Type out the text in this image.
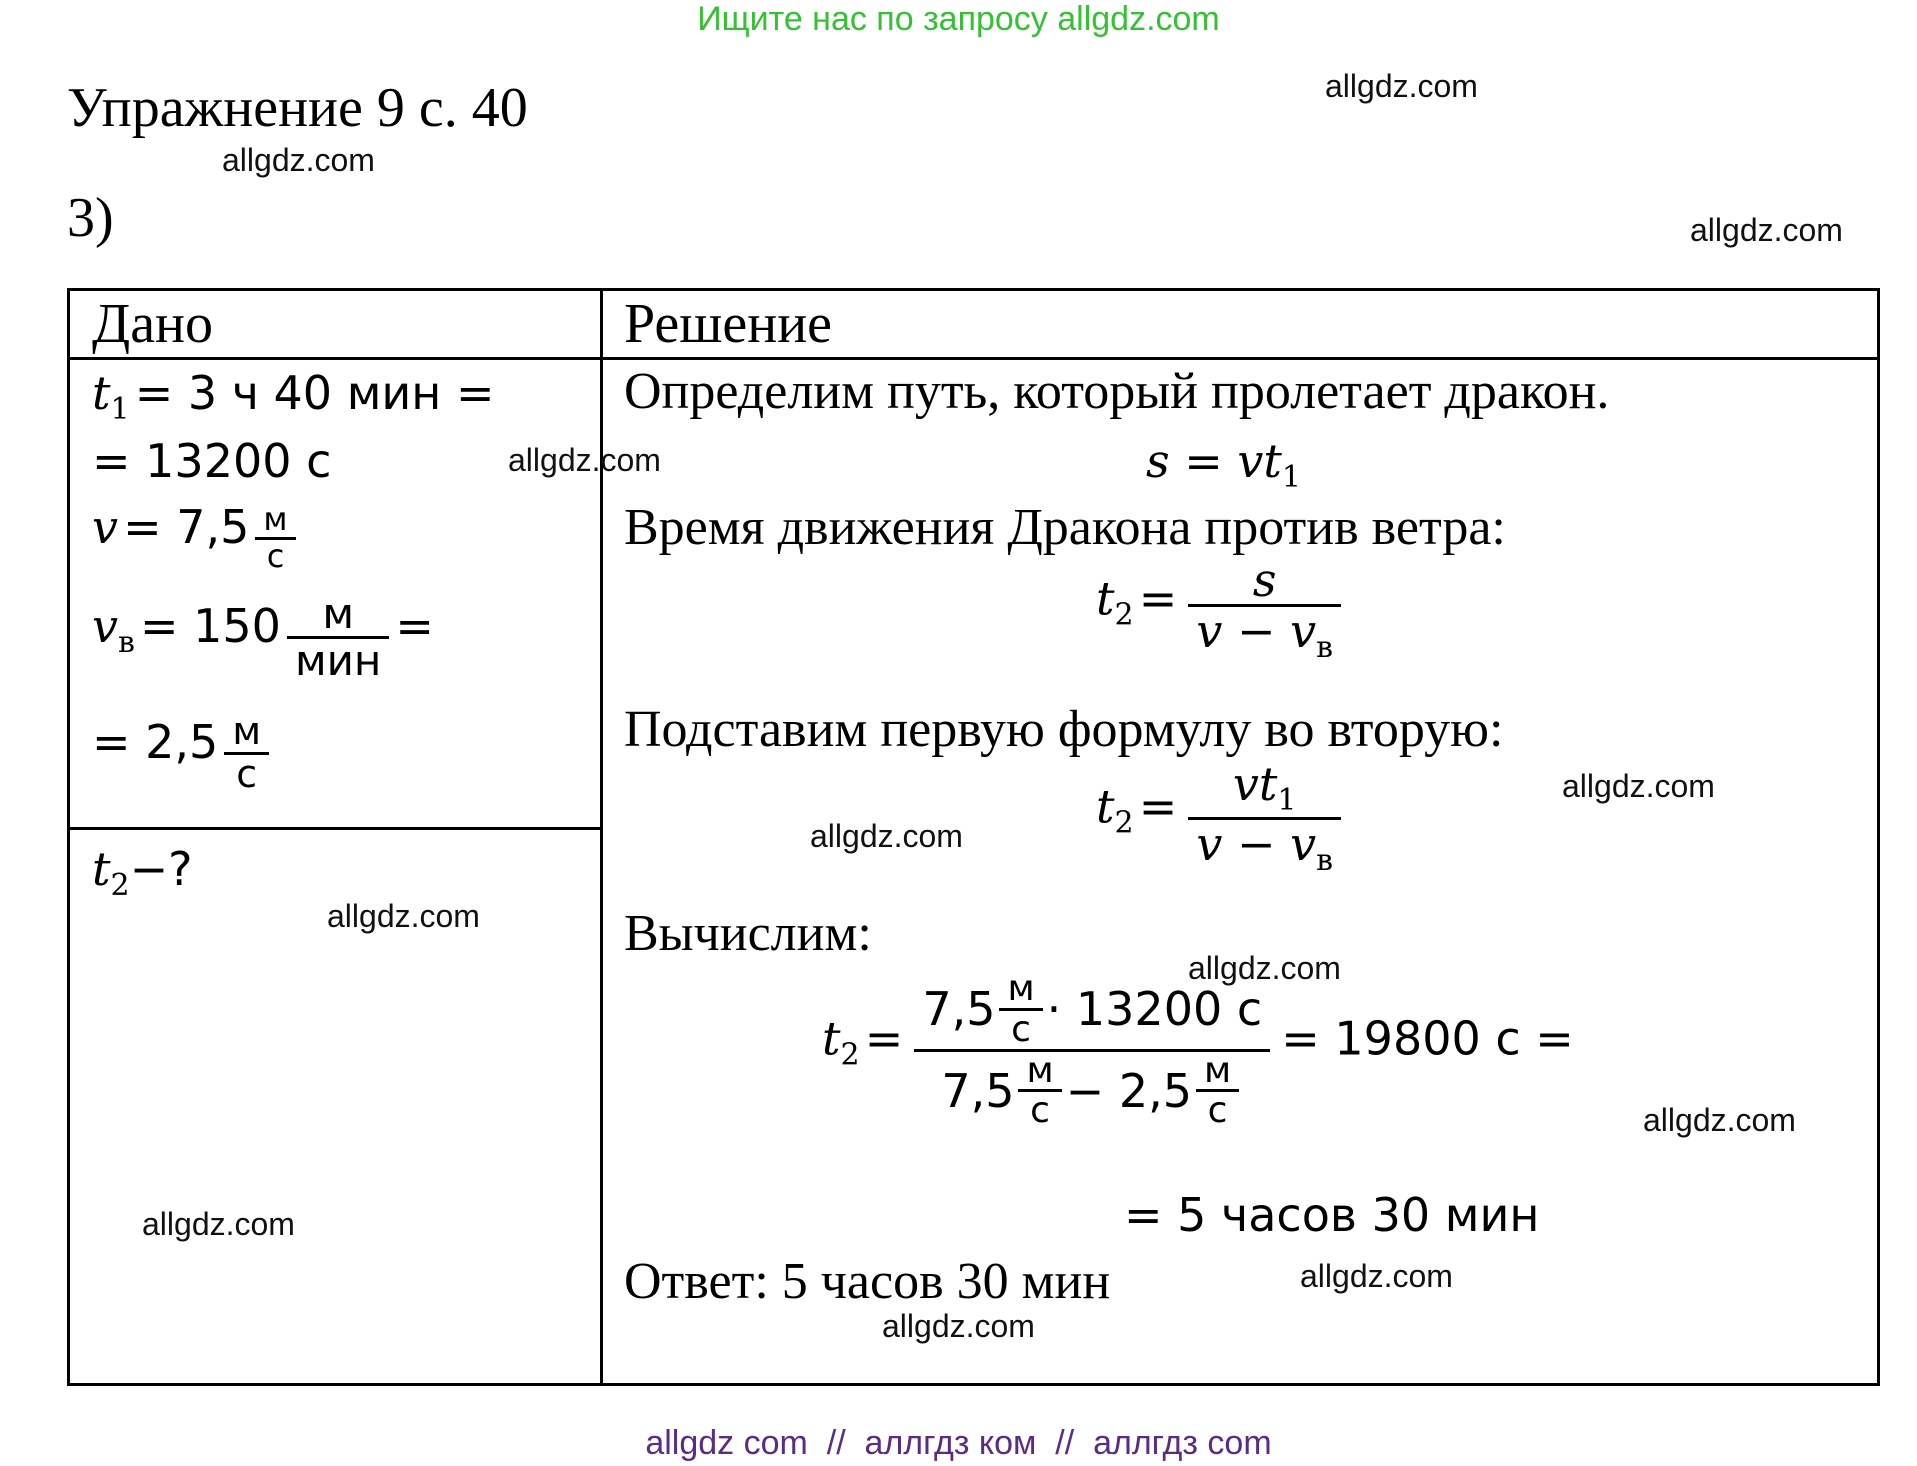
Ищите нас по запросу allgdz.com
Упражнение 9 с. 40
3)
Дано	Решение
t1 = 3 ч 40 мин =
= 13200 с
$v = 7,5 \frac{м}{с}$
vв = $150 \frac{м}{\text{мин}}$ =
= $2,5 \frac{м}{с}$
t2−?
Определим путь, который пролетает дракон.
s = vt1
Время движения Дракона против ветра:
$t2 = \frac{s}{v - v_в}$
Подставим первую формулу во вторую:
$t2 = \frac{vt_1}{v - v_в}$
Вычислим:
$t2 = \frac{7,5 \frac{м}{с} \cdot 13200 с}{7,5 \frac{м}{с} - 2,5 \frac{м}{с}} = 19800$ с =
= 5 часов 30 мин
Ответ: 5 часов 30 мин
allgdz.com
allgdz.com
allgdz.com
allgdz.com
allgdz.com
allgdz.com
allgdz.com
allgdz.com
allgdz.com
allgdz.com
allgdz.com
allgdz.com
allgdz com  //  аллгдз ком  //  аллгдз com
